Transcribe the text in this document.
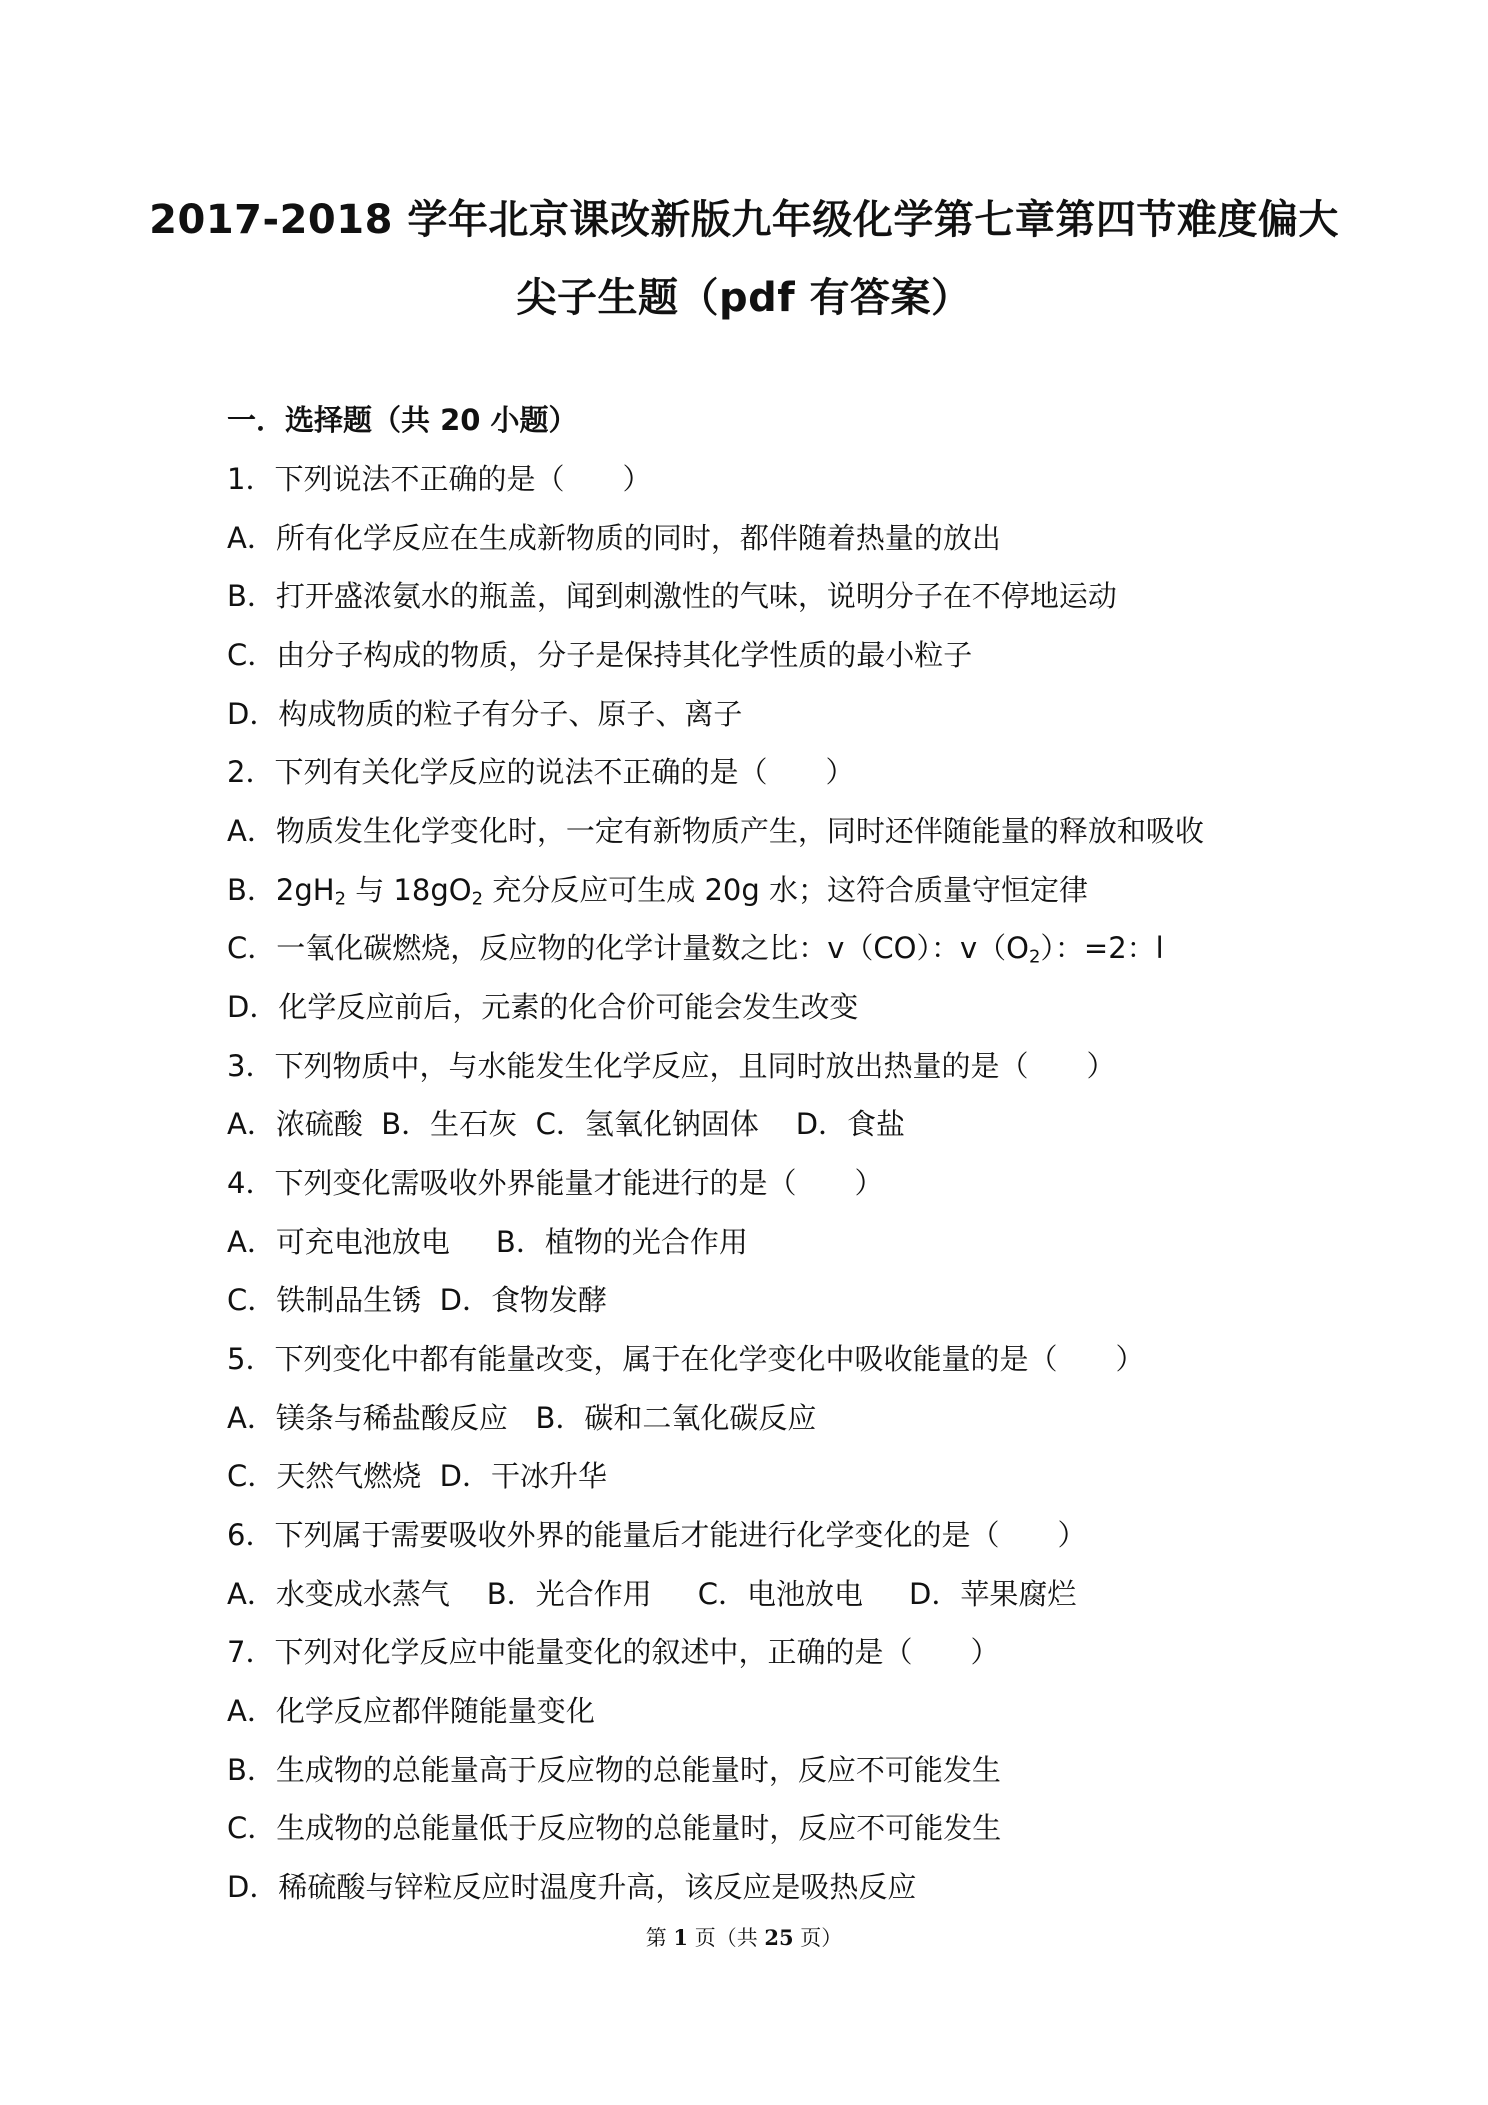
2017-2018 学年北京课改新版九年级化学第七章第四节难度偏大
尖子生题（pdf 有答案）
一．选择题（共 20 小题）
1．下列说法不正确的是（　　）
A．所有化学反应在生成新物质的同时，都伴随着热量的放出
B．打开盛浓氨水的瓶盖，闻到刺激性的气味，说明分子在不停地运动
C．由分子构成的物质，分子是保持其化学性质的最小粒子
D．构成物质的粒子有分子、原子、离子
2．下列有关化学反应的说法不正确的是（　　）
A．物质发生化学变化时，一定有新物质产生，同时还伴随能量的释放和吸收
B．$2gH_2$ 与 $18gO_2$ 充分反应可生成 20g 水；这符合质量守恒定律
C．一氧化碳燃烧，反应物的化学计量数之比：v（CO）：$v(O_2)$：=2：l
D．化学反应前后，元素的化合价可能会发生改变
3．下列物质中，与水能发生化学反应，且同时放出热量的是（　　）
A．浓硫酸  B．生石灰  C．氢氧化钠固体    D．食盐
4．下列变化需吸收外界能量才能进行的是（　　）
A．可充电池放电     B．植物的光合作用
C．铁制品生锈  D．食物发酵
5．下列变化中都有能量改变，属于在化学变化中吸收能量的是（　　）
A．镁条与稀盐酸反应   B．碳和二氧化碳反应
C．天然气燃烧  D．干冰升华
6．下列属于需要吸收外界的能量后才能进行化学变化的是（　　）
A．水变成水蒸气    B．光合作用     C．电池放电     D．苹果腐烂
7．下列对化学反应中能量变化的叙述中，正确的是（　　）
A．化学反应都伴随能量变化
B．生成物的总能量高于反应物的总能量时，反应不可能发生
C．生成物的总能量低于反应物的总能量时，反应不可能发生
D．稀硫酸与锌粒反应时温度升高，该反应是吸热反应
第 1 页（共 25 页）
